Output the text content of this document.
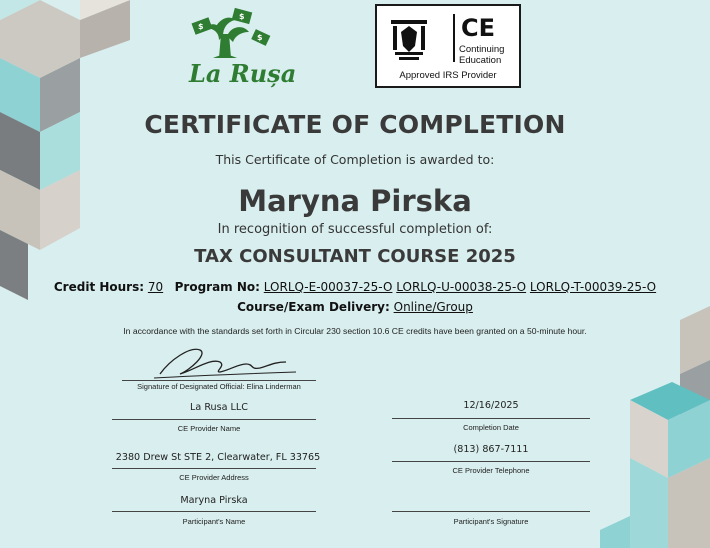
$
$
$
La Rușa
CE
Continuing
Education
Approved IRS Provider
CERTIFICATE OF COMPLETION
This Certificate of Completion is awarded to:
Maryna Pirska
In recognition of successful completion of:
TAX CONSULTANT COURSE 2025
Credit Hours: 70 Program No: LORLQ-E-00037-25-O LORLQ-U-00038-25-O LORLQ-T-00039-25-O
Course/Exam Delivery: Online/Group
In accordance with the standards set forth in Circular 230 section 10.6 CE credits have been granted on a 50-minute hour.
Signature of Designated Official: Elina Linderman
La Rusa LLC
CE Provider Name
12/16/2025
Completion Date
2380 Drew St STE 2, Clearwater, FL 33765
CE Provider Address
(813) 867-7111
CE Provider Telephone
Maryna Pirska
Participant's Name	Participant's Signature
